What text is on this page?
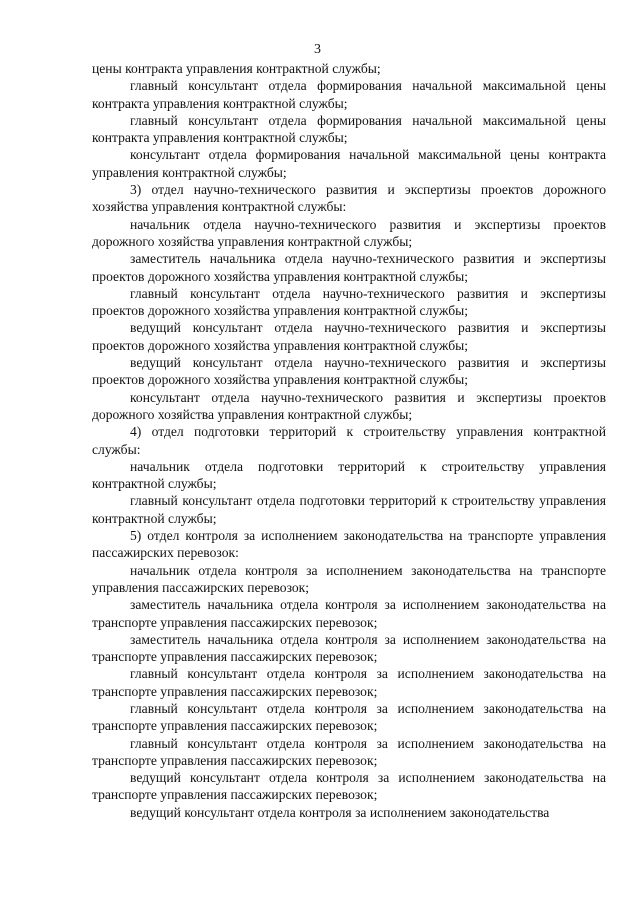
3

цены контракта управления контрактной службы;

главный консультант отдела формирования начальной максимальной цены контракта управления контрактной службы;

главный консультант отдела формирования начальной максимальной цены контракта управления контрактной службы;

консультант отдела формирования начальной максимальной цены контракта управления контрактной службы;

3) отдел научно-технического развития и экспертизы проектов дорожного хозяйства управления контрактной службы:

начальник отдела научно-технического развития и экспертизы проектов дорожного хозяйства управления контрактной службы;

заместитель начальника отдела научно-технического развития и экспертизы проектов дорожного хозяйства управления контрактной службы;

главный консультант отдела научно-технического развития и экспертизы проектов дорожного хозяйства управления контрактной службы;

ведущий консультант отдела научно-технического развития и экспертизы проектов дорожного хозяйства управления контрактной службы;

ведущий консультант отдела научно-технического развития и экспертизы проектов дорожного хозяйства управления контрактной службы;

консультант отдела научно-технического развития и экспертизы проектов дорожного хозяйства управления контрактной службы;

4) отдел подготовки территорий к строительству управления контрактной службы:

начальник отдела подготовки территорий к строительству управления контрактной службы;

главный консультант отдела подготовки территорий к строительству управления контрактной службы;

5) отдел контроля за исполнением законодательства на транспорте управления пассажирских перевозок:

начальник отдела контроля за исполнением законодательства на транспорте управления пассажирских перевозок;

заместитель начальника отдела контроля за исполнением законодательства на транспорте управления пассажирских перевозок;

заместитель начальника отдела контроля за исполнением законодательства на транспорте управления пассажирских перевозок;

главный консультант отдела контроля за исполнением законодательства на транспорте управления пассажирских перевозок;

главный консультант отдела контроля за исполнением законодательства на транспорте управления пассажирских перевозок;

главный консультант отдела контроля за исполнением законодательства на транспорте управления пассажирских перевозок;

ведущий консультант отдела контроля за исполнением законодательства на транспорте управления пассажирских перевозок;

ведущий консультант отдела контроля за исполнением законодательства
